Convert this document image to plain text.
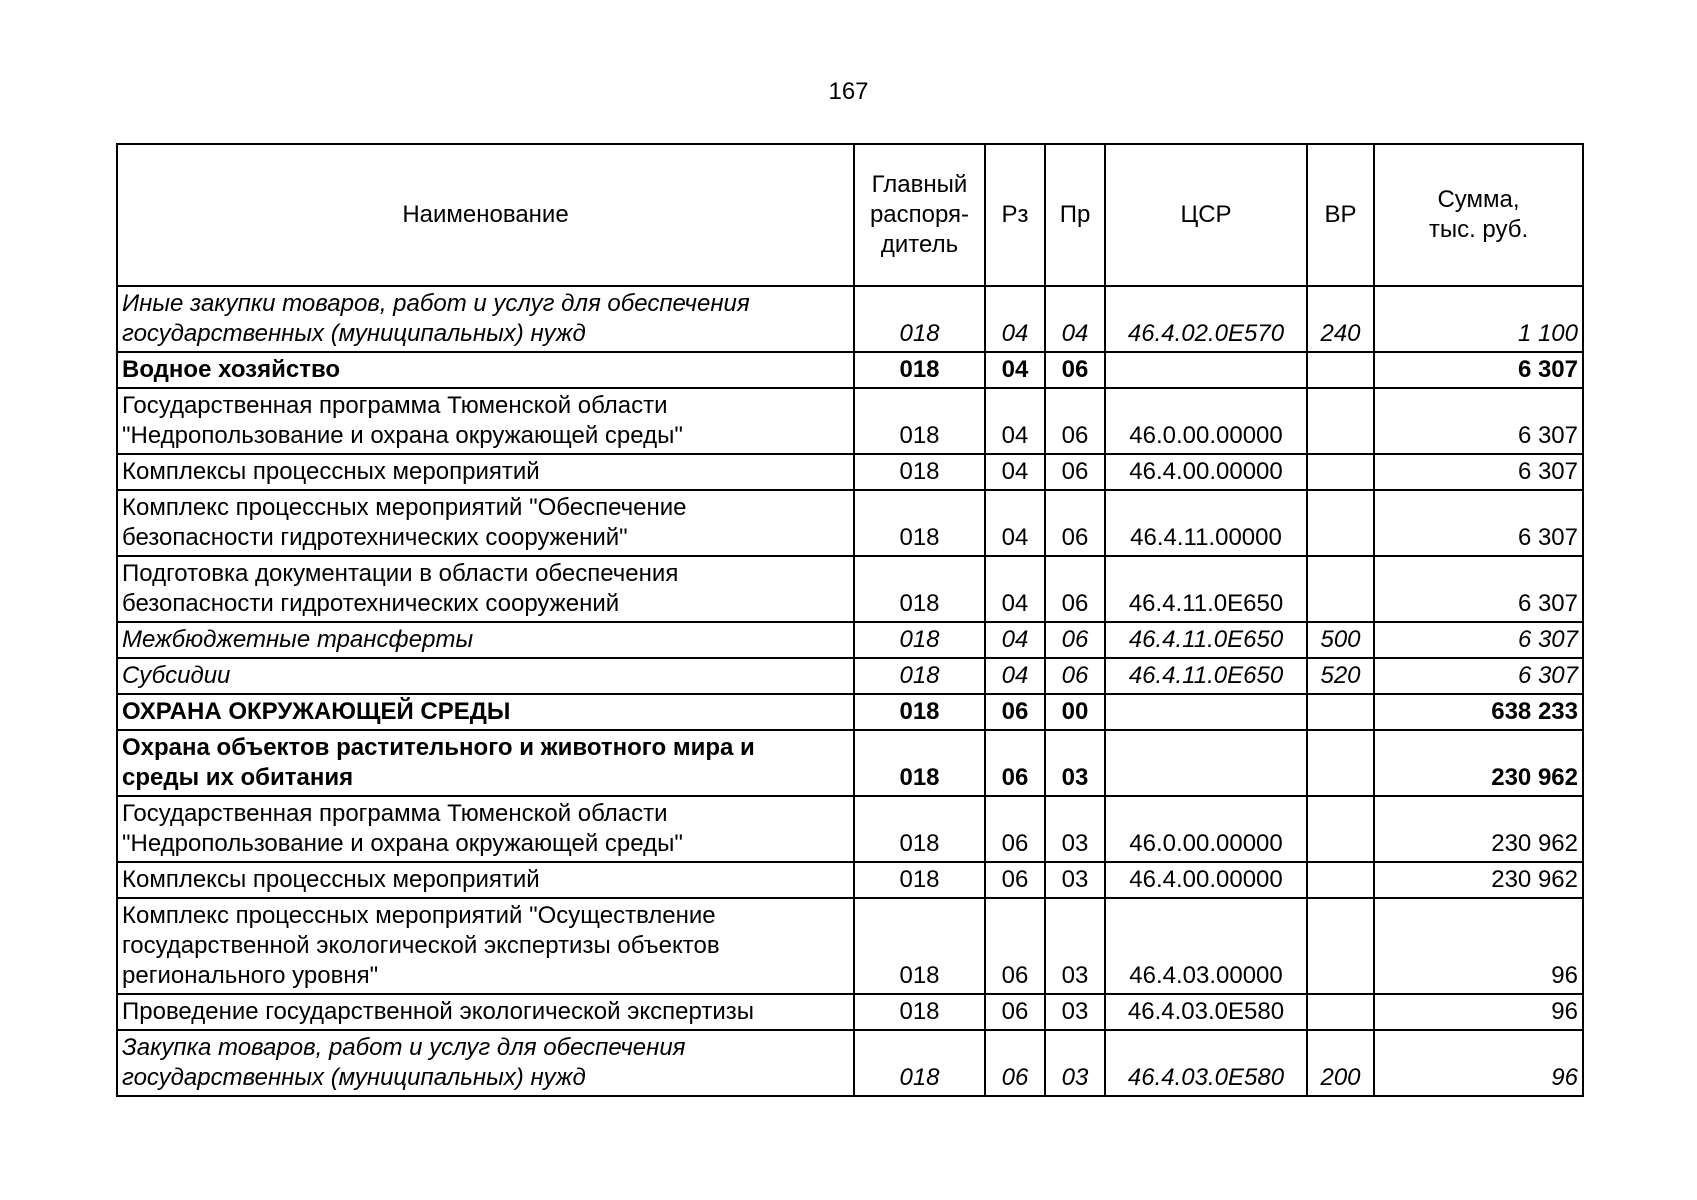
167
Наименование	Главный
распоря-
дитель	Рз	Пр	ЦСР	ВР	Сумма,
тыс. руб.
Иные закупки товаров, работ и услуг для обеспечения
государственных (муниципальных) нужд	018	04	04	46.4.02.0Е570	240	1 100
Водное хозяйство	018	04	06			6 307
Государственная программа Тюменской области
"Недропользование и охрана окружающей среды"	018	04	06	46.0.00.00000		6 307
Комплексы процессных мероприятий	018	04	06	46.4.00.00000		6 307
Комплекс процессных мероприятий "Обеспечение
безопасности гидротехнических сооружений"	018	04	06	46.4.11.00000		6 307
Подготовка документации в области обеспечения
безопасности гидротехнических сооружений	018	04	06	46.4.11.0Е650		6 307
Межбюджетные трансферты	018	04	06	46.4.11.0Е650	500	6 307
Субсидии	018	04	06	46.4.11.0Е650	520	6 307
ОХРАНА ОКРУЖАЮЩЕЙ СРЕДЫ	018	06	00			638 233
Охрана объектов растительного и животного мира и
среды их обитания	018	06	03			230 962
Государственная программа Тюменской области
"Недропользование и охрана окружающей среды"	018	06	03	46.0.00.00000		230 962
Комплексы процессных мероприятий	018	06	03	46.4.00.00000		230 962
Комплекс процессных мероприятий "Осуществление
государственной экологической экспертизы объектов
регионального уровня"	018	06	03	46.4.03.00000		96
Проведение государственной экологической экспертизы	018	06	03	46.4.03.0Е580		96
Закупка товаров, работ и услуг для обеспечения
государственных (муниципальных) нужд	018	06	03	46.4.03.0Е580	200	96
